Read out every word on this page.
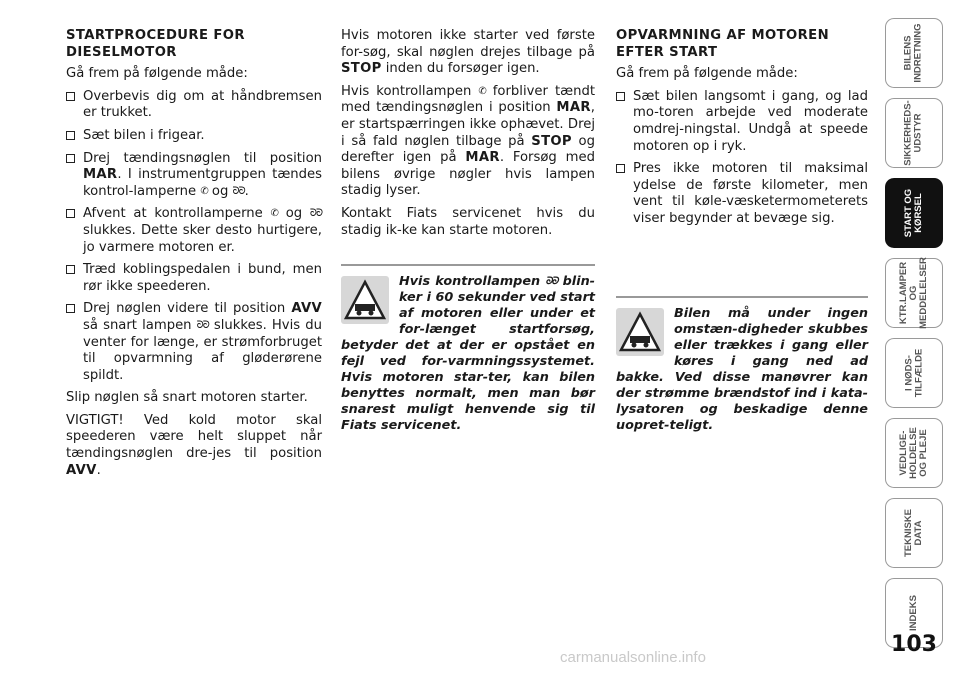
STARTPROCEDURE FOR DIESELMOTOR

Gå frem på følgende måde:

Overbevis dig om at håndbremsen er trukket.
Sæt bilen i frigear.
Drej tændingsnøglen til position MAR. I instrumentgruppen tændes kontrol-lamperne ✆ og ᘐᘐ.
Afvent at kontrollamperne ✆ og ᘐᘐ slukkes. Dette sker desto hurtigere, jo varmere motoren er.
Træd koblingspedalen i bund, men rør ikke speederen.
Drej nøglen videre til position AVV så snart lampen ᘐᘐ slukkes. Hvis du venter for længe, er strømforbruget til opvarmning af gløderørene spildt.

Slip nøglen så snart motoren starter.

VIGTIGT! Ved kold motor skal speederen være helt sluppet når tændingsnøglen dre-jes til position AVV.

Hvis motoren ikke starter ved første for-søg, skal nøglen drejes tilbage på STOP inden du forsøger igen.

Hvis kontrollampen ✆ forbliver tændt med tændingsnøglen i position MAR, er startspærringen ikke ophævet. Drej i så fald nøglen tilbage på STOP og derefter igen på MAR. Forsøg med bilens øvrige nøgler hvis lampen stadig lyser.

Kontakt Fiats servicenet hvis du stadig ik-ke kan starte motoren.

Hvis kontrollampen ᘐᘐ blin-ker i 60 sekunder ved start af motoren eller under et for-længet startforsøg, betyder det at der er opstået en fejl ved for-varmningssystemet. Hvis motoren star-ter, kan bilen benyttes normalt, men man bør snarest muligt henvende sig til Fiats servicenet.
OPVARMNING AF MOTOREN EFTER START

Gå frem på følgende måde:

Sæt bilen langsomt i gang, og lad mo-toren arbejde ved moderate omdrej-ningstal. Undgå at speede motoren op i ryk.
Pres ikke motoren til maksimal ydelse de første kilometer, men vent til køle-væsketermometerets viser begynder at bevæge sig.
Bilen må under ingen omstæn-digheder skubbes eller trækkes i gang eller køres i gang ned ad bakke. Ved disse manøvrer kan der strømme brændstof ind i kata-lysatoren og beskadige denne uopret-teligt.
BILENS
INDRETNING
SIKKERHEDS-
UDSTYR
START OG
KØRSEL
KTR.LAMPER
OG
MEDDELELSER
I NØDS-
TILFÆLDE
VEDLIGE-
HOLDELSE
OG PLEJE
TEKNISKE
DATA
INDEKS
103
carmanualsonline.info
